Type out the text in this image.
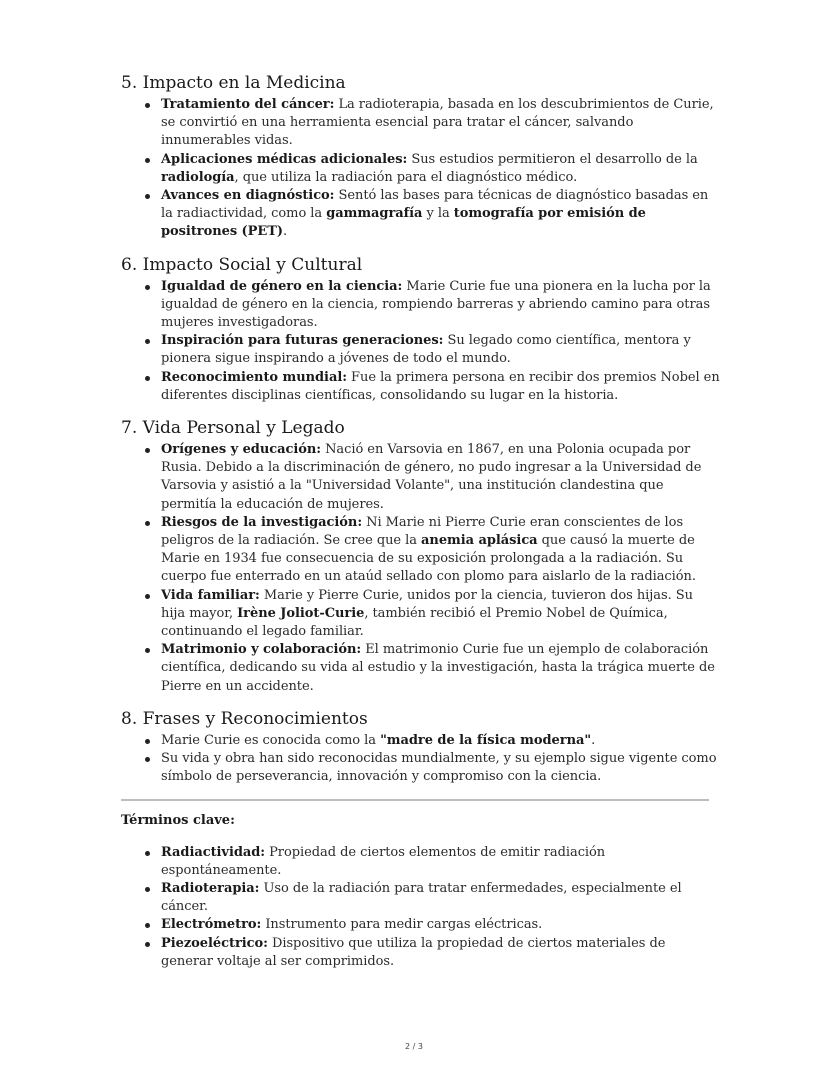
5. Impacto en la Medicina
Tratamiento del cáncer: La radioterapia, basada en los descubrimientos de Curie, se convirtió en una herramienta esencial para tratar el cáncer, salvando innumerables vidas.
Aplicaciones médicas adicionales: Sus estudios permitieron el desarrollo de la radiología, que utiliza la radiación para el diagnóstico médico.
Avances en diagnóstico: Sentó las bases para técnicas de diagnóstico basadas en la radiactividad, como la gammagrafía y la tomografía por emisión de positrones (PET).
6. Impacto Social y Cultural
Igualdad de género en la ciencia: Marie Curie fue una pionera en la lucha por la igualdad de género en la ciencia, rompiendo barreras y abriendo camino para otras mujeres investigadoras.
Inspiración para futuras generaciones: Su legado como científica, mentora y pionera sigue inspirando a jóvenes de todo el mundo.
Reconocimiento mundial: Fue la primera persona en recibir dos premios Nobel en diferentes disciplinas científicas, consolidando su lugar en la historia.
7. Vida Personal y Legado
Orígenes y educación: Nació en Varsovia en 1867, en una Polonia ocupada por Rusia. Debido a la discriminación de género, no pudo ingresar a la Universidad de Varsovia y asistió a la "Universidad Volante", una institución clandestina que permitía la educación de mujeres.
Riesgos de la investigación: Ni Marie ni Pierre Curie eran conscientes de los peligros de la radiación. Se cree que la anemia aplásica que causó la muerte de Marie en 1934 fue consecuencia de su exposición prolongada a la radiación. Su cuerpo fue enterrado en un ataúd sellado con plomo para aislarlo de la radiación.
Vida familiar: Marie y Pierre Curie, unidos por la ciencia, tuvieron dos hijas. Su hija mayor, Irène Joliot-Curie, también recibió el Premio Nobel de Química, continuando el legado familiar.
Matrimonio y colaboración: El matrimonio Curie fue un ejemplo de colaboración científica, dedicando su vida al estudio y la investigación, hasta la trágica muerte de Pierre en un accidente.
8. Frases y Reconocimientos
Marie Curie es conocida como la "madre de la física moderna".
Su vida y obra han sido reconocidas mundialmente, y su ejemplo sigue vigente como símbolo de perseverancia, innovación y compromiso con la ciencia.
Términos clave:
Radiactividad: Propiedad de ciertos elementos de emitir radiación espontáneamente.
Radioterapia: Uso de la radiación para tratar enfermedades, especialmente el cáncer.
Electrómetro: Instrumento para medir cargas eléctricas.
Piezoeléctrico: Dispositivo que utiliza la propiedad de ciertos materiales de generar voltaje al ser comprimidos.
2 / 3
